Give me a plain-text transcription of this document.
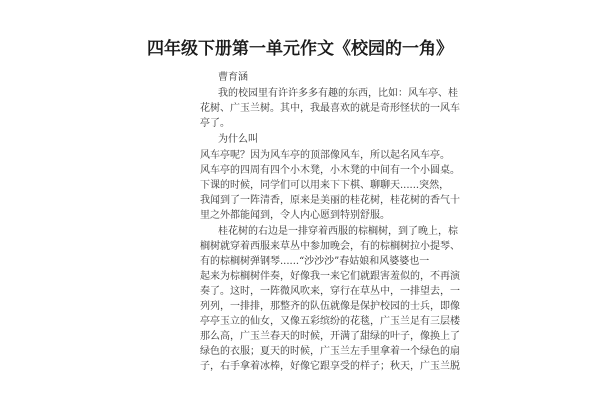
四年级下册第一单元作文《校园的一角》
曹育涵
我的校园里有许许多多有趣的东西，比如：风车亭、桂
花树、广玉兰树。其中，我最喜欢的就是奇形怪状的一风车
亭了。
为什么叫
风车亭呢？因为风车亭的顶部像风车，所以起名风车亭。
风车亭的四周有四个小木凳，小木凳的中间有一个小圆桌。
下课的时候，同学们可以用来下下棋、聊聊天......突然，
我闻到了一阵清香，原来是美丽的桂花树，桂花树的香气十
里之外都能闻到，令人内心愿到特别舒服。
桂花树的右边是一排穿着西服的棕榈树，到了晚上，棕
榈树就穿着西服来草丛中参加晚会，有的棕榈树拉小提琴、
有的棕榈树弹钢琴......“沙沙沙”春姑娘和风婆婆也一
起来为棕榈树伴奏，好像我一来它们就跟害羞似的，不再演
奏了。这时，一阵微风吹来，穿行在草丛中，一排望去，一
列列，一排排，那整齐的队伍就像是保护校园的士兵，即像
亭亭玉立的仙女，又像五彩缤纷的花毯，广玉兰足有三层楼
那么高，广玉兰春天的时候，开满了甜绿的叶子，像换上了
绿色的衣服；夏天的时候，广玉兰左手里拿着一个绿色的扇
子，右手拿着冰棒，好像它跟享受的样子；秋天，广玉兰脱
